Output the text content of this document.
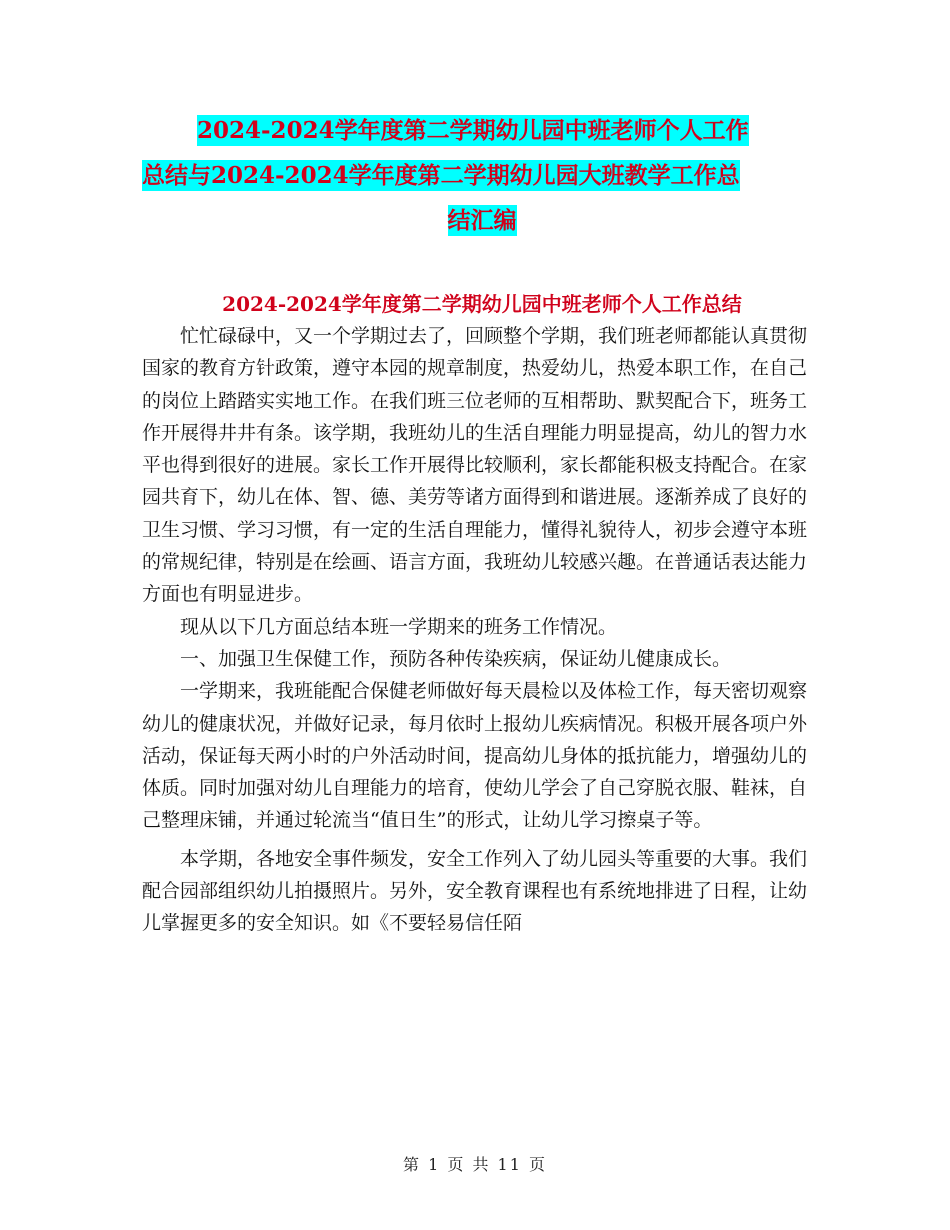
2024-2024学年度第二学期幼儿园中班老师个人工作
总结与2024-2024学年度第二学期幼儿园大班教学工作总
结汇编
2024-2024学年度第二学期幼儿园中班老师个人工作总结

忙忙碌碌中，又一个学期过去了，回顾整个学期，我们班老师都能认真贯彻国家的教育方针政策，遵守本园的规章制度，热爱幼儿，热爱本职工作，在自己的岗位上踏踏实实地工作。在我们班三位老师的互相帮助、默契配合下，班务工作开展得井井有条。该学期，我班幼儿的生活自理能力明显提高，幼儿的智力水平也得到很好的进展。家长工作开展得比较顺利，家长都能积极支持配合。在家园共育下，幼儿在体、智、德、美劳等诸方面得到和谐进展。逐渐养成了良好的卫生习惯、学习习惯，有一定的生活自理能力，懂得礼貌待人，初步会遵守本班的常规纪律，特别是在绘画、语言方面，我班幼儿较感兴趣。在普通话表达能力方面也有明显进步。

现从以下几方面总结本班一学期来的班务工作情况。

一、加强卫生保健工作，预防各种传染疾病，保证幼儿健康成长。

一学期来，我班能配合保健老师做好每天晨检以及体检工作，每天密切观察幼儿的健康状况，并做好记录，每月依时上报幼儿疾病情况。积极开展各项户外活动，保证每天两小时的户外活动时间，提高幼儿身体的抵抗能力，增强幼儿的体质。同时加强对幼儿自理能力的培育，使幼儿学会了自己穿脱衣服、鞋袜，自己整理床铺，并通过轮流当“值日生”的形式，让幼儿学习擦桌子等。

本学期，各地安全事件频发，安全工作列入了幼儿园头等重要的大事。我们配合园部组织幼儿拍摄照片。另外，安全教育课程也有系统地排进了日程，让幼儿掌握更多的安全知识。如《不要轻易信任陌

第 1 页 共 11 页
